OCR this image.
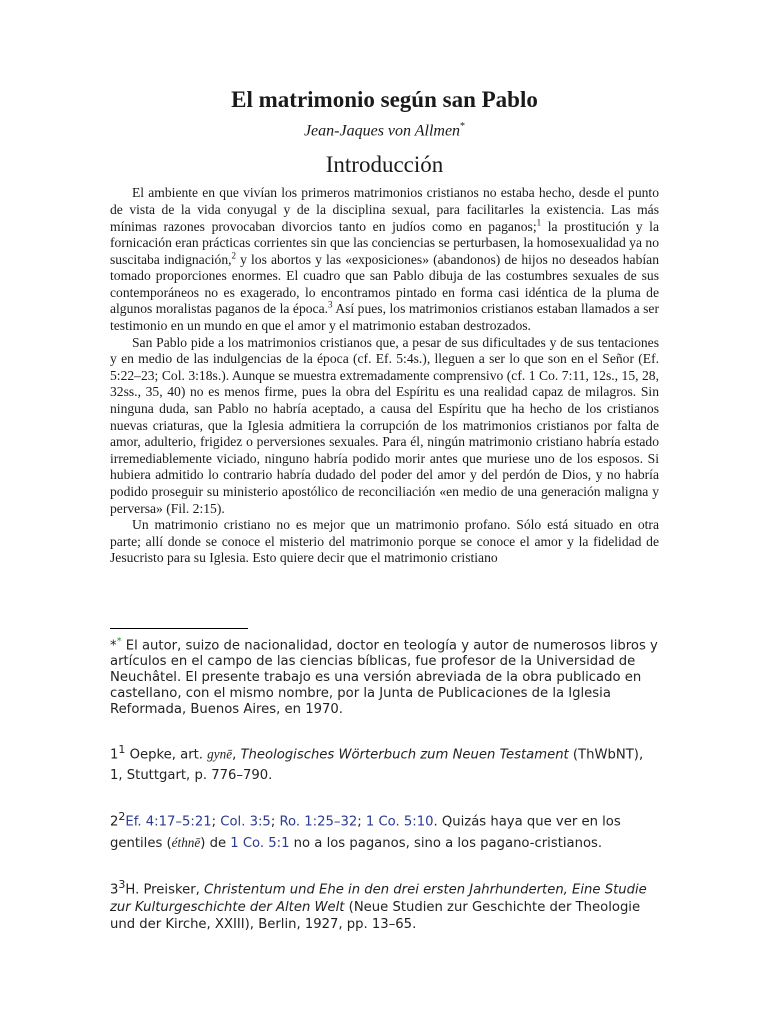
El matrimonio según san Pablo
Jean-Jaques von Allmen*
Introducción

El ambiente en que vivían los primeros matrimonios cristianos no estaba hecho, desde el punto de vista de la vida conyugal y de la disciplina sexual, para facilitarles la existencia. Las más mínimas razones provocaban divorcios tanto en judíos como en paganos;$^1$ la prostitución y la fornicación eran prácticas corrientes sin que las conciencias se perturbasen, la homosexualidad ya no suscitaba indignación,$^2$ y los abortos y las «exposiciones» (abandonos) de hijos no deseados habían tomado proporciones enormes. El cuadro que san Pablo dibuja de las costumbres sexuales de sus contemporáneos no es exagerado, lo encontramos pintado en forma casi idéntica de la pluma de algunos moralistas paganos de la época.$^3$ Así pues, los matrimonios cristianos estaban llamados a ser testimonio en un mundo en que el amor y el matrimonio estaban destrozados.

San Pablo pide a los matrimonios cristianos que, a pesar de sus dificultades y de sus tentaciones y en medio de las indulgencias de la época (cf. Ef. 5:4s.), lleguen a ser lo que son en el Señor (Ef. 5:22–23; Col. 3:18s.). Aunque se muestra extremadamente comprensivo (cf. 1 Co. 7:11, 12s., 15, 28, 32ss., 35, 40) no es menos firme, pues la obra del Espíritu es una realidad capaz de milagros. Sin ninguna duda, san Pablo no habría aceptado, a causa del Espíritu que ha hecho de los cristianos nuevas criaturas, que la Iglesia admitiera la corrupción de los matrimonios cristianos por falta de amor, adulterio, frigidez o perversiones sexuales. Para él, ningún matrimonio cristiano habría estado irremediablemente viciado, ninguno habría podido morir antes que muriese uno de los esposos. Si hubiera admitido lo contrario habría dudado del poder del amor y del perdón de Dios, y no habría podido proseguir su ministerio apostólico de reconciliación «en medio de una generación maligna y perversa» (Fil. 2:15).

Un matrimonio cristiano no es mejor que un matrimonio profano. Sólo está situado en otra parte; allí donde se conoce el misterio del matrimonio porque se conoce el amor y la fidelidad de Jesucristo para su Iglesia. Esto quiere decir que el matrimonio cristiano

** El autor, suizo de nacionalidad, doctor en teología y autor de numerosos libros y artículos en el campo de las ciencias bíblicas, fue profesor de la Universidad de Neuchâtel. El presente trabajo es una versión abreviada de la obra publicado en castellano, con el mismo nombre, por la Junta de Publicaciones de la Iglesia Reformada, Buenos Aires, en 1970.

$1^1$ Oepke, art. gynē, Theologisches Wörterbuch zum Neuen Testament (ThWbNT), 1, Stuttgart, p. 776–790.

$2^2Ef$. 4:17–5:21; Col. 3:5; Ro. 1:25–32; 1 Co. 5:10. Quizás haya que ver en los gentiles (éthnē) de 1 Co. 5:1 no a los paganos, sino a los pagano-cristianos.

$3^3H$. Preisker, Christentum und Ehe in den drei ersten Jahrhunderten, Eine Studie zur Kulturgeschichte der Alten Welt (Neue Studien zur Geschichte der Theologie und der Kirche, XXIII), Berlin, 1927, pp. 13–65.
